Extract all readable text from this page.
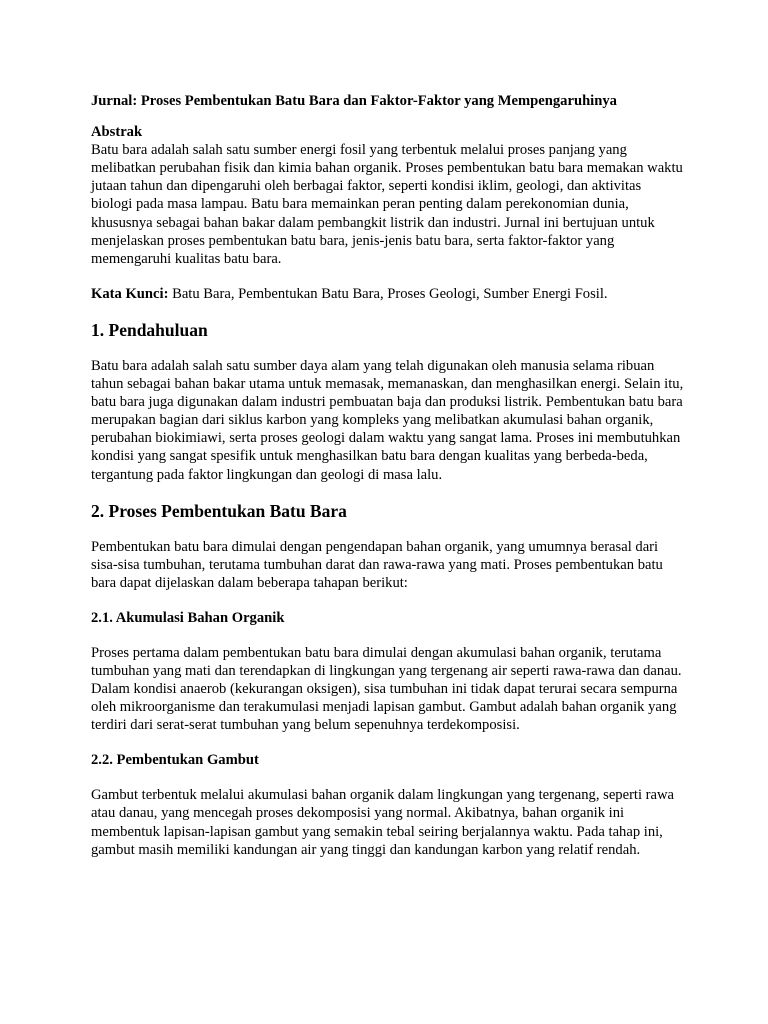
Jurnal: Proses Pembentukan Batu Bara dan Faktor-Faktor yang Mempengaruhinya

Abstrak

Batu bara adalah salah satu sumber energi fosil yang terbentuk melalui proses panjang yang melibatkan perubahan fisik dan kimia bahan organik. Proses pembentukan batu bara memakan waktu jutaan tahun dan dipengaruhi oleh berbagai faktor, seperti kondisi iklim, geologi, dan aktivitas biologi pada masa lampau. Batu bara memainkan peran penting dalam perekonomian dunia, khususnya sebagai bahan bakar dalam pembangkit listrik dan industri. Jurnal ini bertujuan untuk menjelaskan proses pembentukan batu bara, jenis-jenis batu bara, serta faktor-faktor yang memengaruhi kualitas batu bara.

Kata Kunci: Batu Bara, Pembentukan Batu Bara, Proses Geologi, Sumber Energi Fosil.

1. Pendahuluan

Batu bara adalah salah satu sumber daya alam yang telah digunakan oleh manusia selama ribuan tahun sebagai bahan bakar utama untuk memasak, memanaskan, dan menghasilkan energi. Selain itu, batu bara juga digunakan dalam industri pembuatan baja dan produksi listrik. Pembentukan batu bara merupakan bagian dari siklus karbon yang kompleks yang melibatkan akumulasi bahan organik, perubahan biokimiawi, serta proses geologi dalam waktu yang sangat lama. Proses ini membutuhkan kondisi yang sangat spesifik untuk menghasilkan batu bara dengan kualitas yang berbeda-beda, tergantung pada faktor lingkungan dan geologi di masa lalu.

2. Proses Pembentukan Batu Bara

Pembentukan batu bara dimulai dengan pengendapan bahan organik, yang umumnya berasal dari sisa-sisa tumbuhan, terutama tumbuhan darat dan rawa-rawa yang mati. Proses pembentukan batu bara dapat dijelaskan dalam beberapa tahapan berikut:

2.1. Akumulasi Bahan Organik

Proses pertama dalam pembentukan batu bara dimulai dengan akumulasi bahan organik, terutama tumbuhan yang mati dan terendapkan di lingkungan yang tergenang air seperti rawa-rawa dan danau. Dalam kondisi anaerob (kekurangan oksigen), sisa tumbuhan ini tidak dapat terurai secara sempurna oleh mikroorganisme dan terakumulasi menjadi lapisan gambut. Gambut adalah bahan organik yang terdiri dari serat-serat tumbuhan yang belum sepenuhnya terdekomposisi.

2.2. Pembentukan Gambut

Gambut terbentuk melalui akumulasi bahan organik dalam lingkungan yang tergenang, seperti rawa atau danau, yang mencegah proses dekomposisi yang normal. Akibatnya, bahan organik ini membentuk lapisan-lapisan gambut yang semakin tebal seiring berjalannya waktu. Pada tahap ini, gambut masih memiliki kandungan air yang tinggi dan kandungan karbon yang relatif rendah.
